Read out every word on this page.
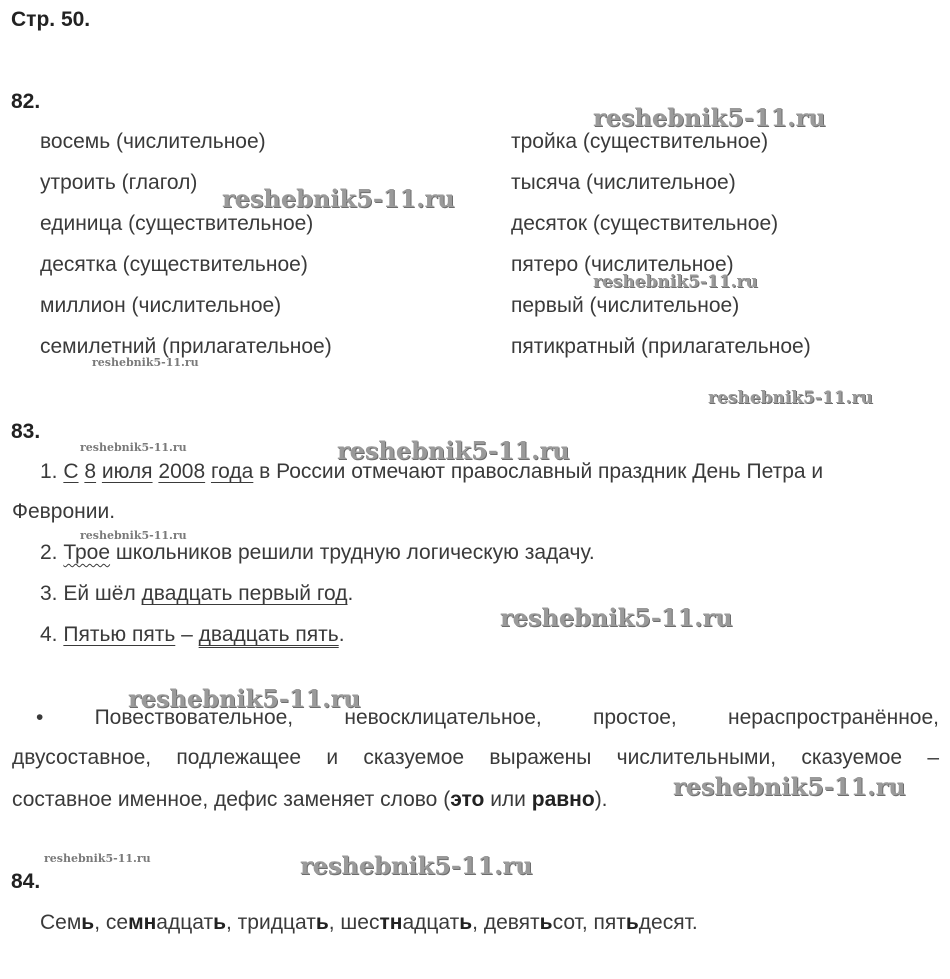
Стр. 50.
82.
восемь (числительное)
утроить (глагол)
единица (существительное)
десятка (существительное)
миллион (числительное)
семилетний (прилагательное)
тройка (существительное)
тысяча (числительное)
десяток (существительное)
пятеро (числительное)
первый (числительное)
пятикратный (прилагательное)
83.
1. С 8 июля 2008 года в России отмечают православный праздник День Петра и
Февронии.
2. Трое школьников решили трудную логическую задачу.
3. Ей шёл двадцать первый год.
4. Пятью пять – двадцать пять.
• Повествовательное, невосклицательное, простое, нераспространённое,
двусоставное, подлежащее и сказуемое выражены числительными, сказуемое –
составное именное, дефис заменяет слово (это или равно).
84.
Семь, семнадцать, тридцать, шестнадцать, девятьсот, пятьдесят.
reshebnik5-11.ru
reshebnik5-11.ru
reshebnik5-11.ru
reshebnik5-11.ru
reshebnik5-11.ru
reshebnik5-11.ru	reshebnik5-11.ru
reshebnik5-11.ru
reshebnik5-11.ru
reshebnik5-11.ru
reshebnik5-11.ru
reshebnik5-11.ru	reshebnik5-11.ru
